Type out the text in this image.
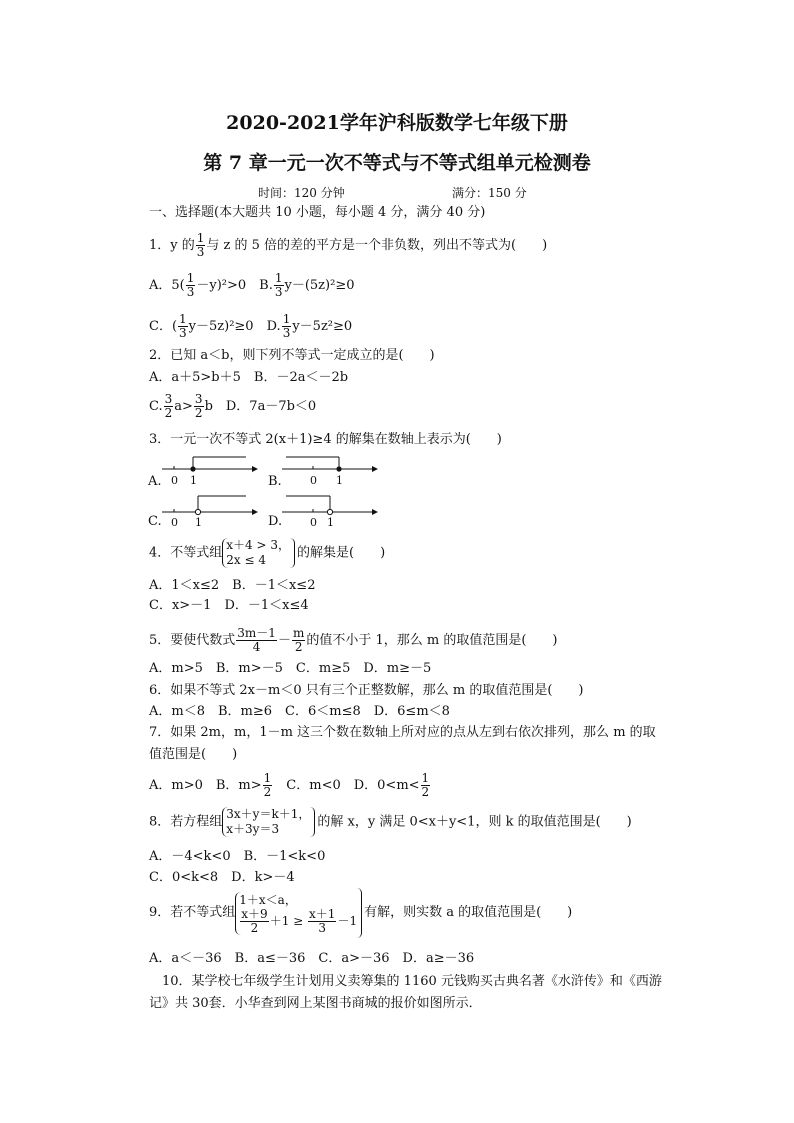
2020-2021学年沪科版数学七年级下册
第 7 章一元一次不等式与不等式组单元检测卷
时间：120 分钟	满分：150 分
一、选择题(本大题共 10 小题，每小题 4 分，满分 40 分)
1．y 的 $\frac{1}{3}$ 与 z 的 5 倍的差的平方是一个非负数，列出不等式为(　　)
A．$5( \frac{1}{3} -y)^2>0$　B. $\frac{1}{3} y-(5z)^2\ge 0$
C．( $\frac{1}{3} y-5z)^2\ge 0$　D. $\frac{1}{3} y-5z^2\ge 0$
2．已知 a＜b，则下列不等式一定成立的是(　　)
A．a＋5>b＋5　B．－2a＜－2b
C. $\frac{3}{2} a> \frac{3}{2}$ b　D．7a－7b＜0
3．一元一次不等式 2(x＋1)≥4 的解集在数轴上表示为(　　)
A.	B.
C.	D.
0 1	0 1
0 1	0 1
4．不等式组
x＋4 > 3，
2x ≤ 4	的解集是(　　)
A．1＜x≤2　B．－1＜x≤2
C．x>－1　D．－1＜x≤4
5．要使代数式 $\frac{3m-1}{4} - \frac{m}{2}$ 的值不小于 1，那么 m 的取值范围是(　　)
A．m>5　B．m>－5　C．m≥5　D．m≥－5
6．如果不等式 2x－m＜0 只有三个正整数解，那么 m 的取值范围是(　　)
A．m＜8　B．m≥6　C．6＜m≤8　D．6≤m＜8
7．如果 2m，m，1－m 这三个数在数轴上所对应的点从左到右依次排列，那么 m 的取
值范围是(　　)
A．m>0　B．$m> \frac{1}{2}$ 　C．m<0　D．$0<m< \frac{1}{2}$
8．若方程组
3x＋y＝k＋1，
x＋3y＝3	的解 x，y 满足 0<x＋y<1，则 k 的取值范围是(　　)
A．－4<k<0　B．－1<k<0
C．0<k<8　D．k>－4
9．若不等式组
1＋x＜a，
$\frac{x+9}{2} +1 \ge \frac{x+1}{3} -1$
有解，则实数 a 的取值范围是(　　)
A．a＜－36　B．a≤－36　C．a>－36　D．a≥－36
10．某学校七年级学生计划用义卖筹集的 1160 元钱购买古典名著《水浒传》和《西游
记》共 30套．小华查到网上某图书商城的报价如图所示．
